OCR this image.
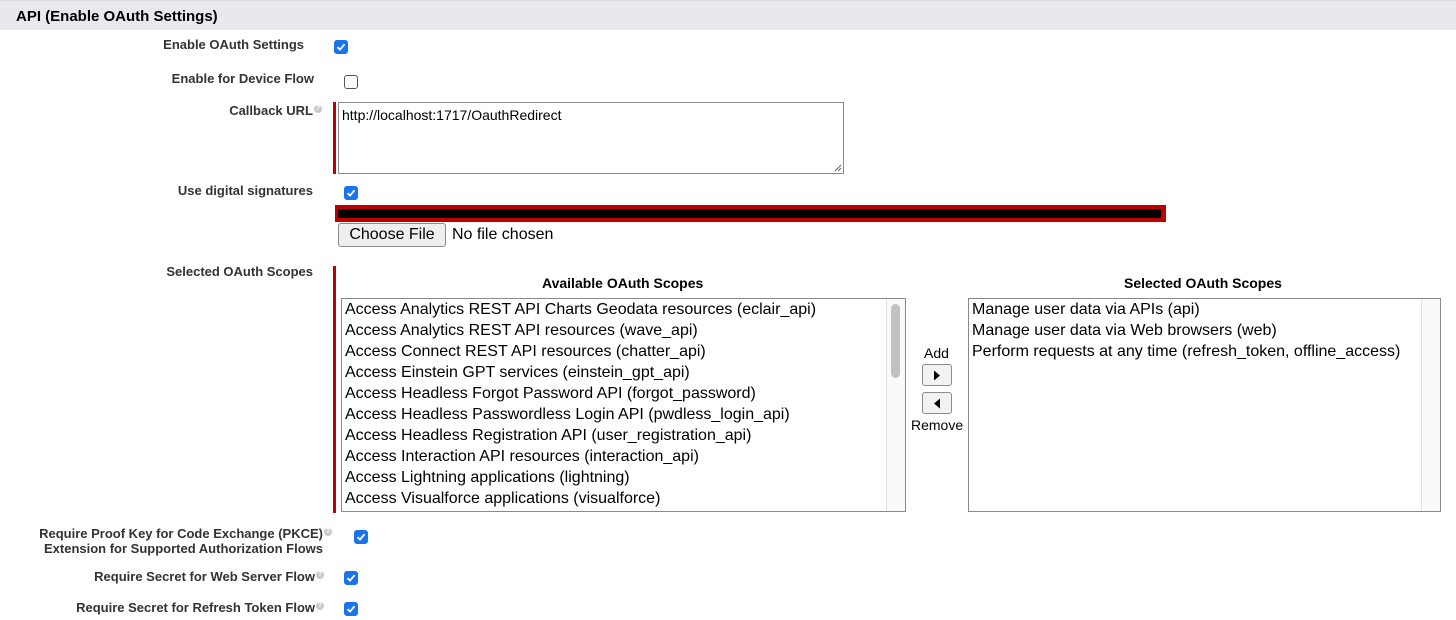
API (Enable OAuth Settings)
Enable OAuth Settings
Enable for Device Flow
Callback URL ? http://localhost:1717/OauthRedirect
Use digital signatures
Choose File	No file chosen
Selected OAuth Scopes
Available OAuth Scopes	Selected OAuth Scopes
Access Analytics REST API Charts Geodata resources (eclair_api)
Access Analytics REST API resources (wave_api)
Access Connect REST API resources (chatter_api)
Access Einstein GPT services (einstein_gpt_api)
Access Headless Forgot Password API (forgot_password)
Access Headless Passwordless Login API (pwdless_login_api)
Access Headless Registration API (user_registration_api)
Access Interaction API resources (interaction_api)
Access Lightning applications (lightning)
Access Visualforce applications (visualforce)
Add
Remove
Manage user data via APIs (api)
Manage user data via Web browsers (web)
Perform requests at any time (refresh_token, offline_access)
Require Proof Key for Code Exchange (PKCE) ?
Extension for Supported Authorization Flows
Require Secret for Web Server Flow ?
Require Secret for Refresh Token Flow ?
